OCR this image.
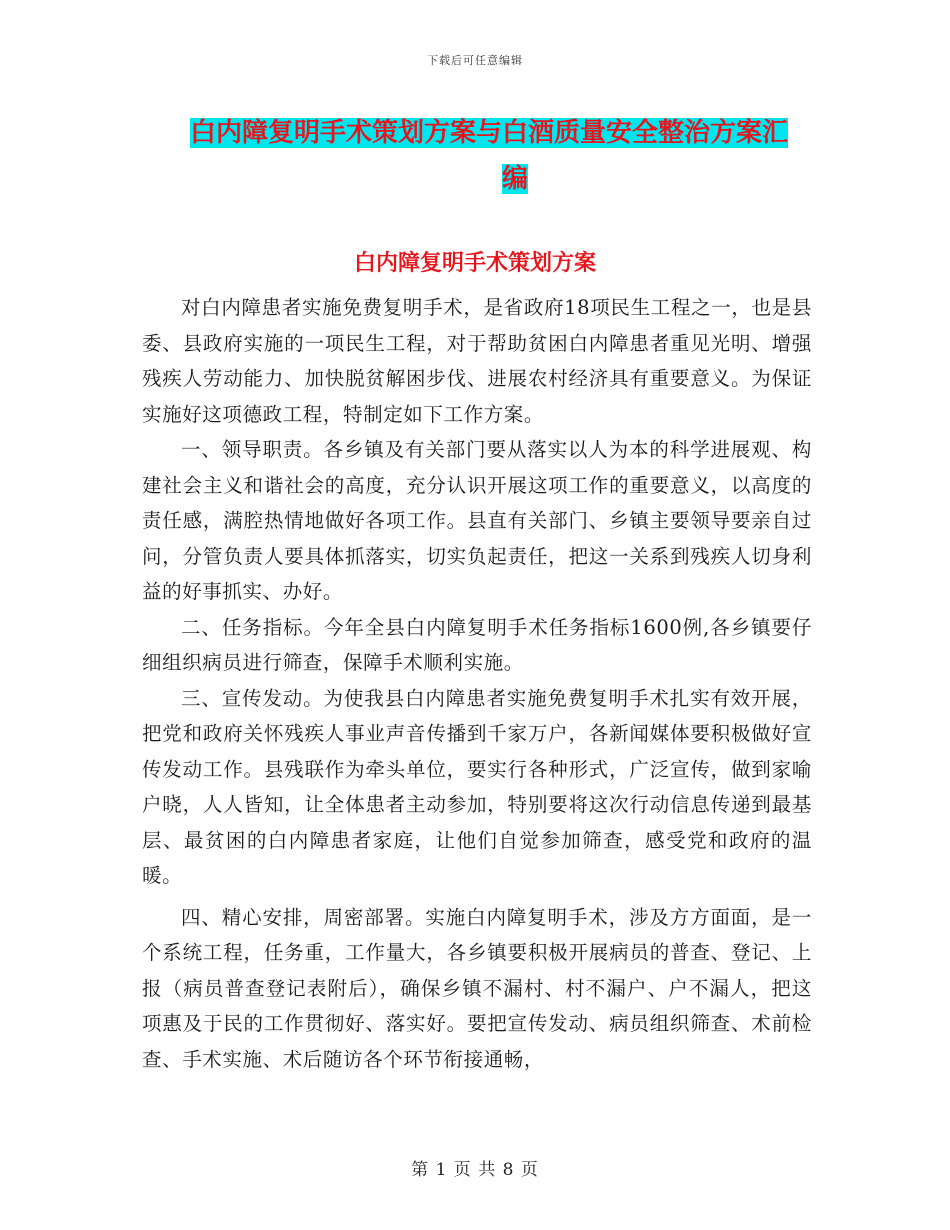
下载后可任意编辑
白内障复明手术策划方案与白酒质量安全整治方案汇
编
白内障复明手术策划方案

对白内障患者实施免费复明手术，是省政府18项民生工程之一，也是县委、县政府实施的一项民生工程，对于帮助贫困白内障患者重见光明、增强残疾人劳动能力、加快脱贫解困步伐、进展农村经济具有重要意义。为保证实施好这项德政工程，特制定如下工作方案。

一、领导职责。各乡镇及有关部门要从落实以人为本的科学进展观、构建社会主义和谐社会的高度，充分认识开展这项工作的重要意义，以高度的责任感，满腔热情地做好各项工作。县直有关部门、乡镇主要领导要亲自过问，分管负责人要具体抓落实，切实负起责任，把这一关系到残疾人切身利益的好事抓实、办好。

二、任务指标。今年全县白内障复明手术任务指标1600例,各乡镇要仔细组织病员进行筛查，保障手术顺利实施。

三、宣传发动。为使我县白内障患者实施免费复明手术扎实有效开展，把党和政府关怀残疾人事业声音传播到千家万户，各新闻媒体要积极做好宣传发动工作。县残联作为牵头单位，要实行各种形式，广泛宣传，做到家喻户晓，人人皆知，让全体患者主动参加，特别要将这次行动信息传递到最基层、最贫困的白内障患者家庭，让他们自觉参加筛查，感受党和政府的温暖。

四、精心安排，周密部署。实施白内障复明手术，涉及方方面面，是一个系统工程，任务重，工作量大，各乡镇要积极开展病员的普查、登记、上报（病员普查登记表附后），确保乡镇不漏村、村不漏户、户不漏人，把这项惠及于民的工作贯彻好、落实好。要把宣传发动、病员组织筛查、术前检查、手术实施、术后随访各个环节衔接通畅，

第 1 页 共 8 页
